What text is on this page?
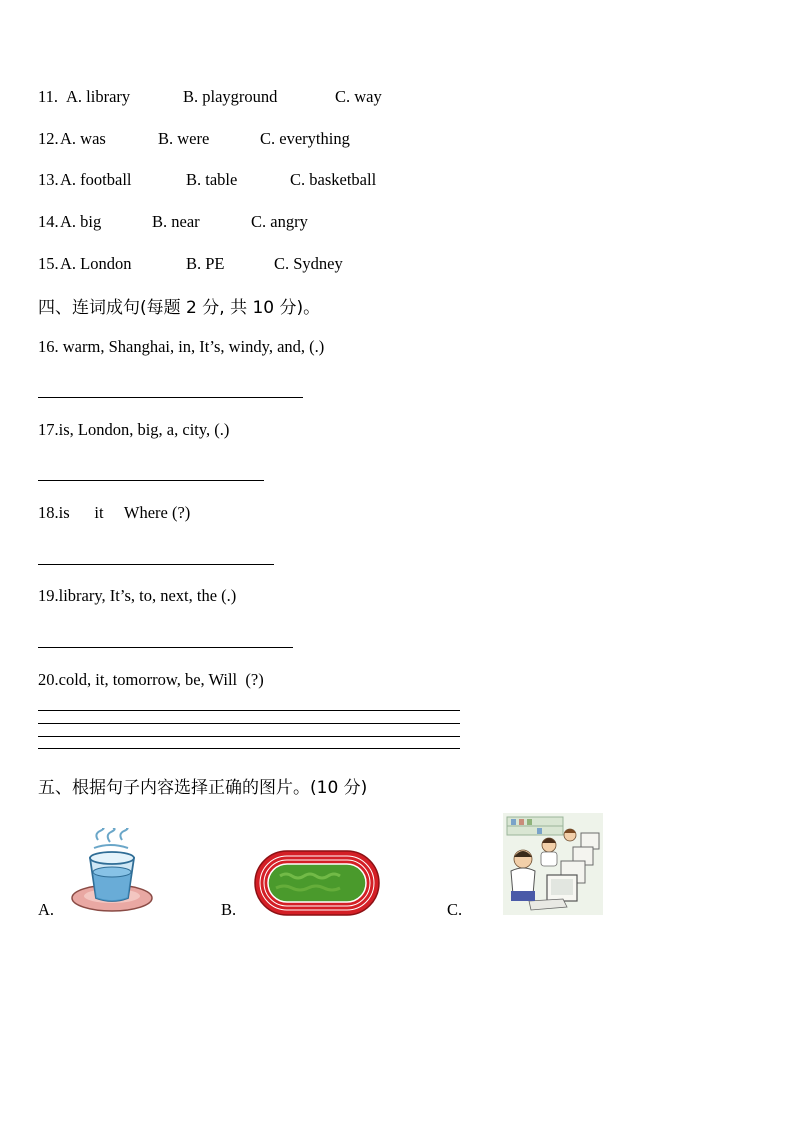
11. A. library	B. playground	C. way
12. A. was	B. were	C. everything
13. A. football	B. table	C. basketball
14. A. big	B. near	C. angry
15. A. London	B. PE	C. Sydney
四、连词成句(每题 2 分, 共 10 分)。
16. warm, Shanghai, in, It’s, windy, and, (.)
17.is, London, big, a, city, (.)
18.is      it     Where (?)
19.library, It’s, to, next, the (.)
20.cold, it, tomorrow, be, Will  (?)
五、根据句子内容选择正确的图片。(10 分)
A.	B.	C.
